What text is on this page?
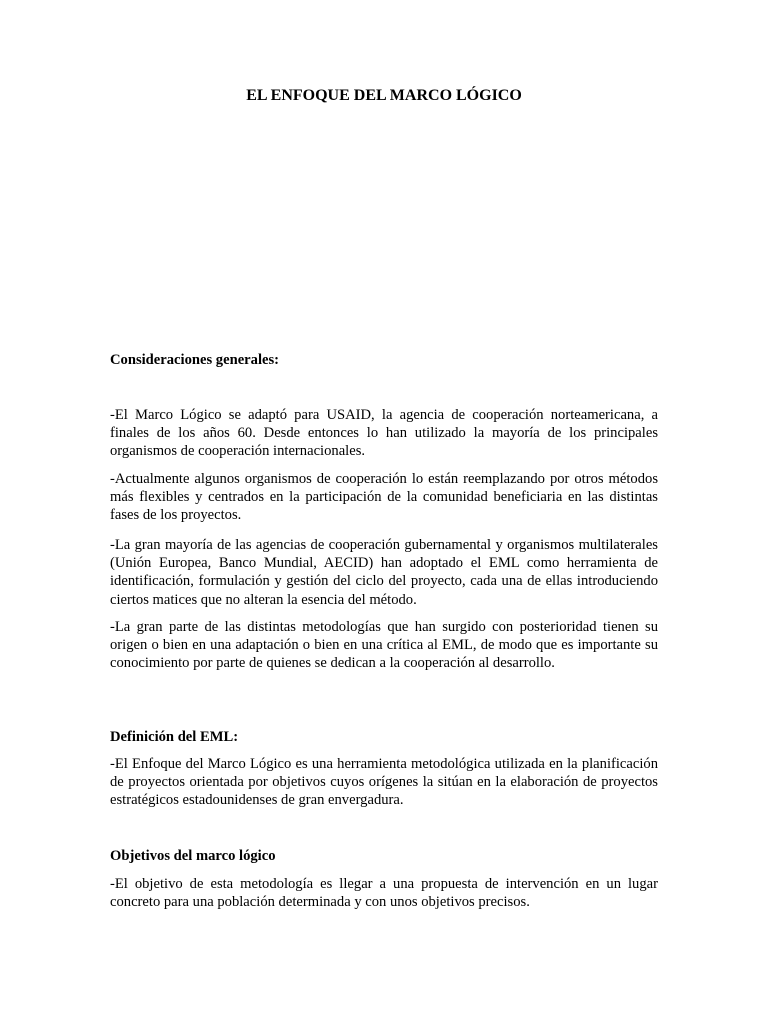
EL ENFOQUE DEL MARCO LÓGICO
Consideraciones generales:

-El Marco Lógico se adaptó para USAID, la agencia de cooperación norteamericana, a finales de los años 60. Desde entonces lo han utilizado la mayoría de los principales organismos de cooperación internacionales.

-Actualmente algunos organismos de cooperación lo están reemplazando por otros métodos más flexibles y centrados en la participación de la comunidad beneficiaria en las distintas fases de los proyectos.

-La gran mayoría de las agencias de cooperación gubernamental y organismos multilaterales (Unión Europea, Banco Mundial, AECID) han adoptado el EML como herramienta de identificación, formulación y gestión del ciclo del proyecto, cada una de ellas introduciendo ciertos matices que no alteran la esencia del método.

-La gran parte de las distintas metodologías que han surgido con posterioridad tienen su origen o bien en una adaptación o bien en una crítica al EML, de modo que es importante su conocimiento por parte de quienes se dedican a la cooperación al desarrollo.

Definición del EML:

-El Enfoque del Marco Lógico es una herramienta metodológica utilizada en la planificación de proyectos orientada por objetivos cuyos orígenes la sitúan en la elaboración de proyectos estratégicos estadounidenses de gran envergadura.

Objetivos del marco lógico

-El objetivo de esta metodología es llegar a una propuesta de intervención en un lugar concreto para una población determinada y con unos objetivos precisos.
